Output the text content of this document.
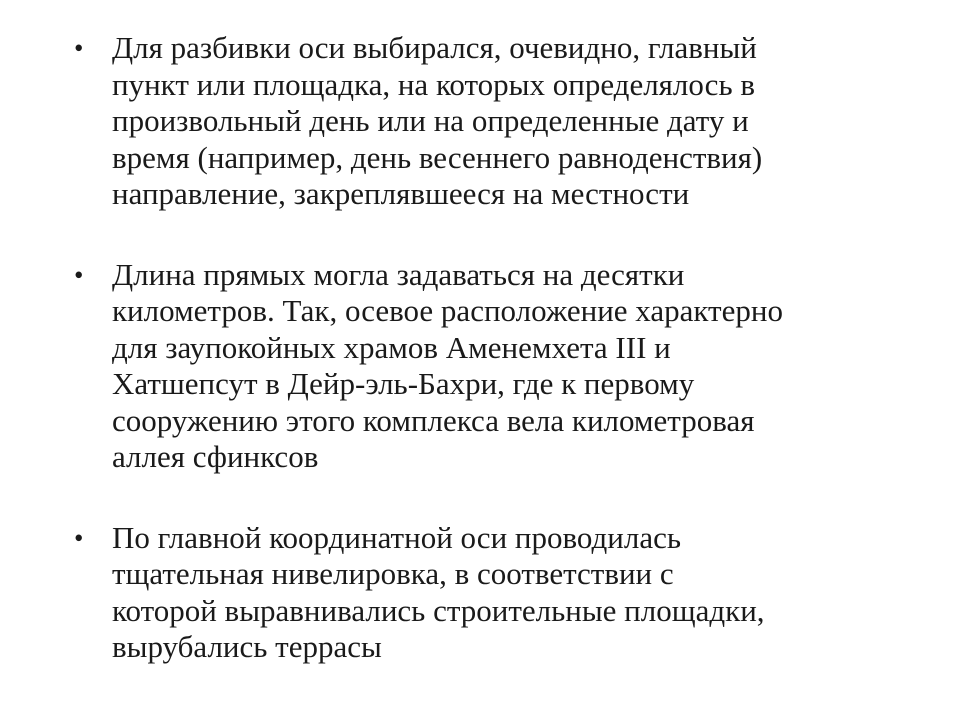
• Для разбивки оси выбирался, очевидно, главный
пункт или площадка, на которых определялось в
произвольный день или на определенные дату и
время (например, день весеннего равноденствия)
направление, закреплявшееся на местности
• Длина прямых могла задаваться на десятки
километров. Так, осевое расположение характерно
для заупокойных храмов Аменемхета III и
Хатшепсут в Дейр-эль-Бахри, где к первому
сооружению этого комплекса вела километровая
аллея сфинксов
• По главной координатной оси проводилась
тщательная нивелировка, в соответствии с
которой выравнивались строительные площадки,
вырубались террасы
